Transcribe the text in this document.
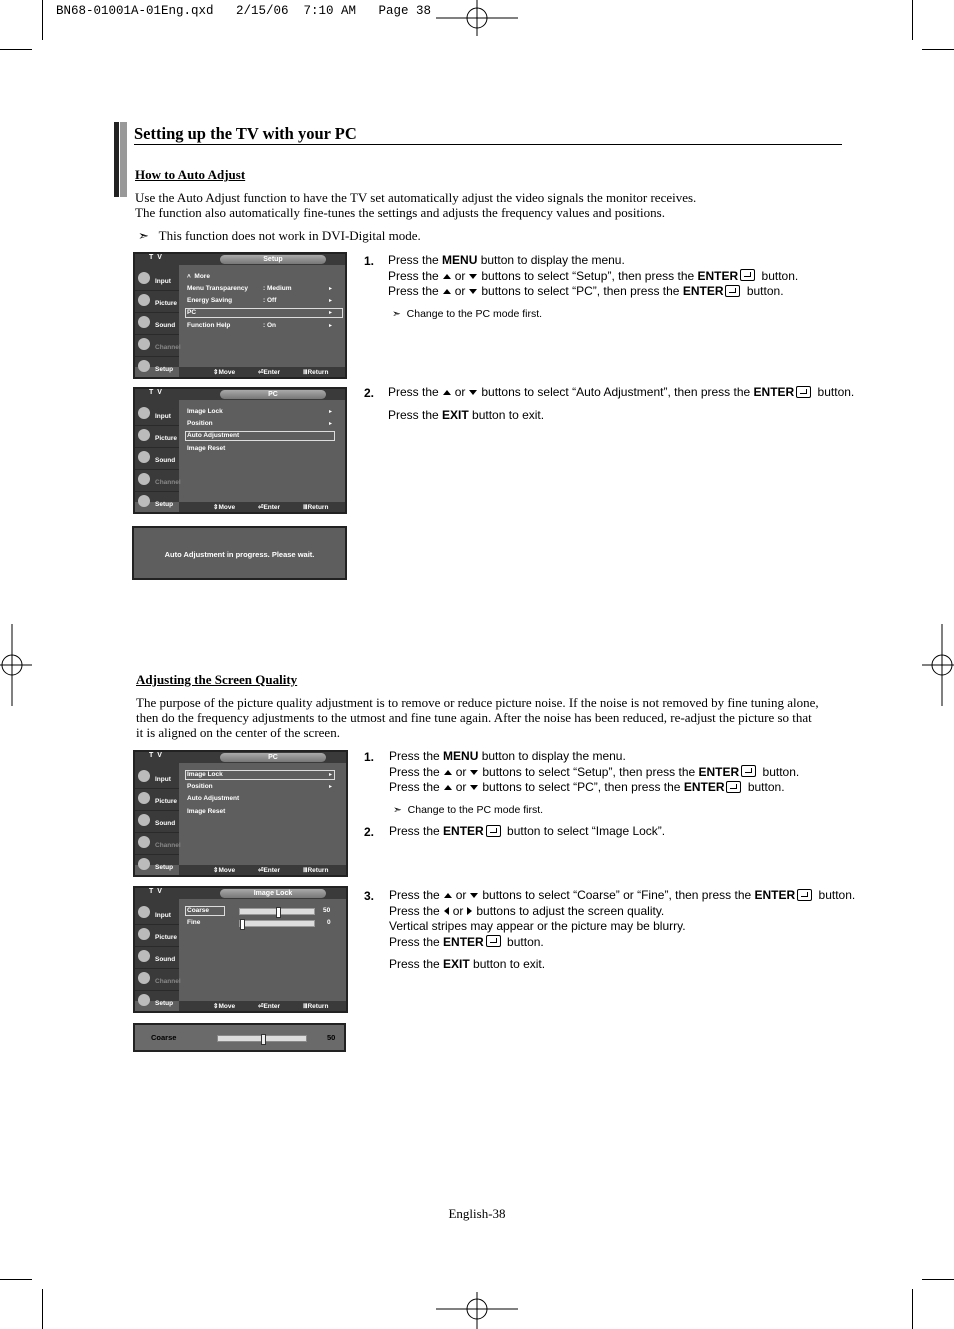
BN68-01001A-01Eng.qxd   2/15/06  7:10 AM   Page 38
Setting up the TV with your PC
How to Auto Adjust
Use the Auto Adjust function to have the TV set automatically adjust the video signals the monitor receives.
The function also automatically fine-tunes the settings and adjusts the frequency values and positions.
➣ This function does not work in DVI-Digital mode.
T V	Setup
Input
Picture
Sound
Channel
Setup
˄  More
Menu Transparency : Medium	▸
Energy Saving	: Off	▸
PC	▸
Function Help	: On	▸
⇕Move	⏎Enter	ⅢReturn
1. Press the MENU button to display the menu.
Press the or buttons to select “Setup”, then press the ENTER button.
Press the or buttons to select “PC”, then press the ENTER button.
➣ Change to the PC mode first.
T V	PC
Input
Picture
Sound
Channel
Setup
Image Lock	▸
Position	▸
Auto Adjustment
Image Reset
⇕Move	⏎Enter	ⅢReturn
2. Press the or buttons to select “Auto Adjustment”, then press the ENTER button.
Press the EXIT button to exit.
Auto Adjustment in progress. Please wait.
Adjusting the Screen Quality
The purpose of the picture quality adjustment is to remove or reduce picture noise. If the noise is not removed by fine tuning alone,
then do the frequency adjustments to the utmost and fine tune again. After the noise has been reduced, re-adjust the picture so that
it is aligned on the center of the screen.
T V	PC
Input
Picture
Sound
Channel
Setup
Image Lock	▸
Position	▸
Auto Adjustment
Image Reset
⇕Move	⏎Enter	ⅢReturn
1. Press the MENU button to display the menu.
Press the or buttons to select “Setup”, then press the ENTER button.
Press the or buttons to select “PC”, then press the ENTER button.
➣ Change to the PC mode first.
2. Press the ENTER button to select “Image Lock”.
T V	Image Lock
Input
Picture
Sound
Channel
Setup
Coarse	50
Fine	0
⇕Move	⏎Enter	ⅢReturn
3. Press the or buttons to select “Coarse” or “Fine”, then press the ENTER button.
Press the or buttons to adjust the screen quality.
Vertical stripes may appear or the picture may be blurry.
Press the ENTER button.
Press the EXIT button to exit.
Coarse	50
English-38
